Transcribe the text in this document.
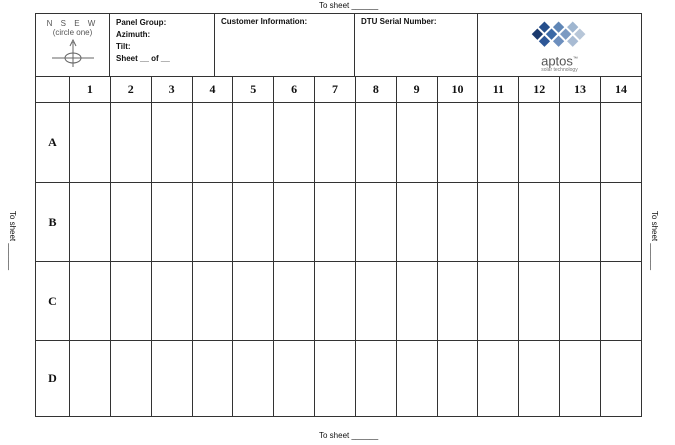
To sheet ______
To sheet ______
To sheet ______	To sheet ______
N S E W
(circle one)
Panel Group:
Azimuth:
Tilt:
Sheet __ of __
Customer Information:	DTU Serial Number:
aptos™
solar technology
	1	2	3	4	5	6	7	8	9	10	11	12	13	14
A														
B														
C														
D														
